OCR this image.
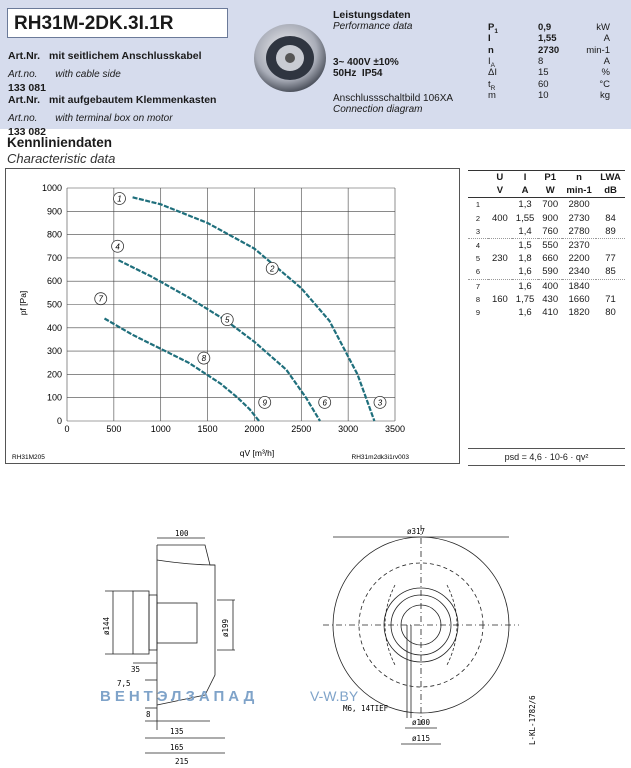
RH31M-2DK.3I.1R
Art.Nr. mit seitlichem Anschlusskabel
Art.no. with cable side
133 081
Art.Nr. mit aufgebautem Klemmenkasten
Art.no. with terminal box on motor
133 082
Leistungsdaten
Performance data
3~ 400V ±10%
50Hz IP54
Anschlussschaltbild 106XA
Connection diagram
$P_1$	0,9	kW
I	1,55	A
n	2730	min-1
$I_A$	8	A
ΔI	15	%
$t_R$	60	°C
m	10	kg
Kennliniendaten
Characteristic data
0	500	1000	1500	2000	2500	3000	3500
0
100
200
300
400
500
600
700
800
900
1000
1
2
3
4
5
6
7
8
9
qV [m³/h]
pf [Pa]
RH31M205	RH31m2dk3i1rv003
	U	I	P1	n	LWA
	V	A	W	min-1	dB
1		1,3	700	2800	
2	400	1,55	900	2730	84
3		1,4	760	2780	89
4		1,5	550	2370	
5	230	1,8	660	2200	77
6		1,6	590	2340	85
7		1,6	400	1840	
8	160	1,75	430	1660	71
9		1,6	410	1820	80
psd = 4,6 · 10-6 · qv²
100
ø144	ø199
35
7,5
8
135
165
215
ø317
ø100
ø115
M6, 14TIEF	L-KL-1782/6
ВЕНТЭЛЗАПАД	V-W.BY
